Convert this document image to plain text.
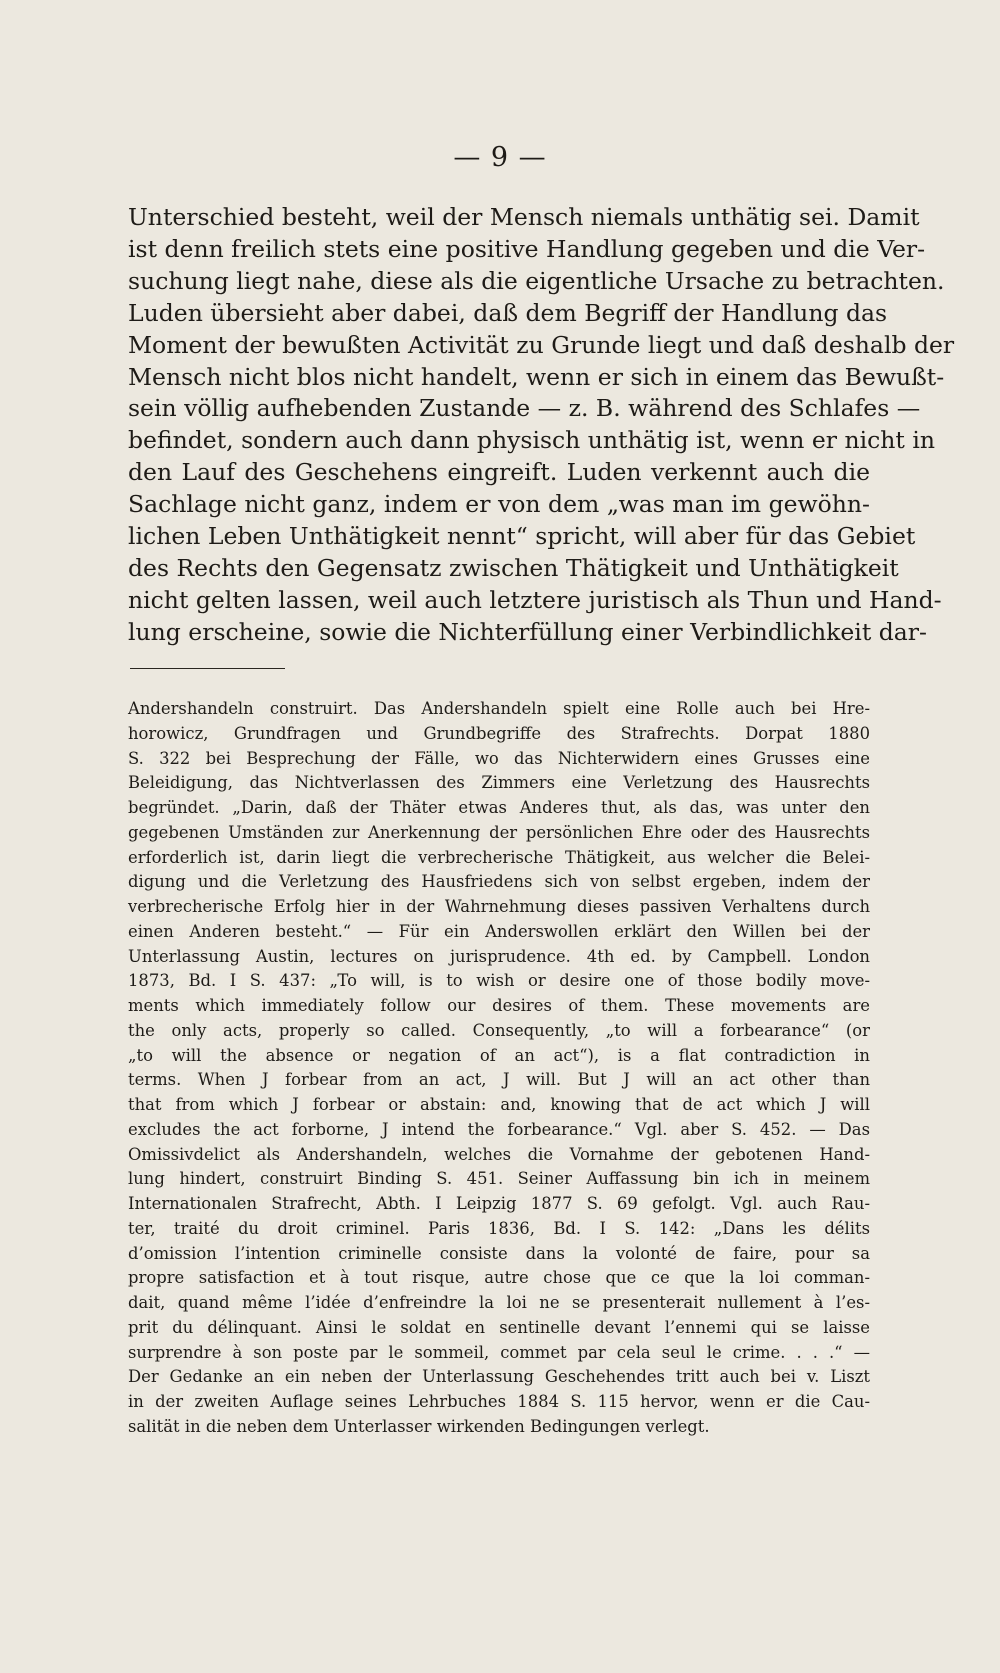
— 9 —
Unterschied besteht, weil der Mensch niemals unthätig sei. Damit
ist denn freilich stets eine positive Handlung gegeben und die Ver-
suchung liegt nahe, diese als die eigentliche Ursache zu betrachten.
Luden übersieht aber dabei, daß dem Begriff der Handlung das
Moment der bewußten Activität zu Grunde liegt und daß deshalb der
Mensch nicht blos nicht handelt, wenn er sich in einem das Bewußt-
sein völlig aufhebenden Zustande — z. B. während des Schlafes —
befindet, sondern auch dann physisch unthätig ist, wenn er nicht in
den Lauf des Geschehens eingreift. Luden verkennt auch die
Sachlage nicht ganz, indem er von dem „was man im gewöhn-
lichen Leben Unthätigkeit nennt“ spricht, will aber für das Gebiet
des Rechts den Gegensatz zwischen Thätigkeit und Unthätigkeit
nicht gelten lassen, weil auch letztere juristisch als Thun und Hand-
lung erscheine, sowie die Nichterfüllung einer Verbindlichkeit dar-
Andershandeln construirt. Das Andershandeln spielt eine Rolle auch bei Hre-
horowicz, Grundfragen und Grundbegriffe des Strafrechts. Dorpat 1880
S. 322 bei Besprechung der Fälle, wo das Nichterwidern eines Grusses eine
Beleidigung, das Nichtverlassen des Zimmers eine Verletzung des Hausrechts
begründet. „Darin, daß der Thäter etwas Anderes thut, als das, was unter den
gegebenen Umständen zur Anerkennung der persönlichen Ehre oder des Hausrechts
erforderlich ist, darin liegt die verbrecherische Thätigkeit, aus welcher die Belei-
digung und die Verletzung des Hausfriedens sich von selbst ergeben, indem der
verbrecherische Erfolg hier in der Wahrnehmung dieses passiven Verhaltens durch
einen Anderen besteht.“ — Für ein Anderswollen erklärt den Willen bei der
Unterlassung Austin, lectures on jurisprudence. 4th ed. by Campbell. London
1873, Bd. I S. 437: „To will, is to wish or desire one of those bodily move-
ments which immediately follow our desires of them. These movements are
the only acts, properly so called. Consequently, „to will a forbearance“ (or
„to will the absence or negation of an act“), is a flat contradiction in
terms. When J forbear from an act, J will. But J will an act other than
that from which J forbear or abstain: and, knowing that de act which J will
excludes the act forborne, J intend the forbearance.“ Vgl. aber S. 452. — Das
Omissivdelict als Andershandeln, welches die Vornahme der gebotenen Hand-
lung hindert, construirt Binding S. 451. Seiner Auffassung bin ich in meinem
Internationalen Strafrecht, Abth. I Leipzig 1877 S. 69 gefolgt. Vgl. auch Rau-
ter, traité du droit criminel. Paris 1836, Bd. I S. 142: „Dans les délits
d’omission l’intention criminelle consiste dans la volonté de faire, pour sa
propre satisfaction et à tout risque, autre chose que ce que la loi comman-
dait, quand même l’idée d’enfreindre la loi ne se presenterait nullement à l’es-
prit du délinquant. Ainsi le soldat en sentinelle devant l’ennemi qui se laisse
surprendre à son poste par le sommeil, commet par cela seul le crime. . . .“ —
Der Gedanke an ein neben der Unterlassung Geschehendes tritt auch bei v. Liszt
in der zweiten Auflage seines Lehrbuches 1884 S. 115 hervor, wenn er die Cau-
salität in die neben dem Unterlasser wirkenden Bedingungen verlegt.
